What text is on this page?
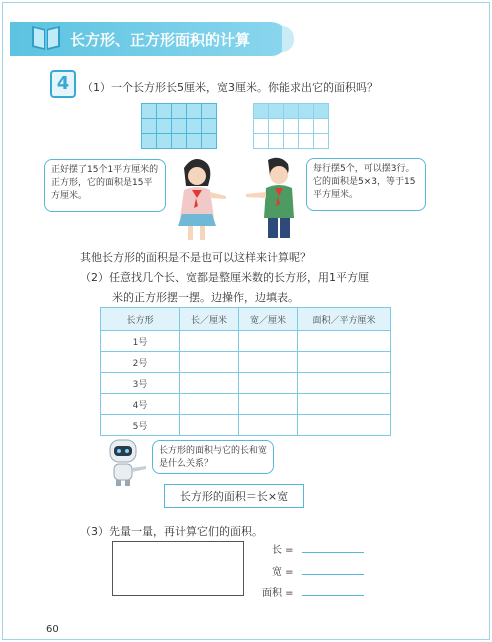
长方形、正方形面积的计算
4	（1）一个长方形长5厘米，宽3厘米。你能求出它的面积吗？

正好摆了15个1平方厘米的正方形，它的面积是15平方厘米。
每行摆5个，可以摆3行。它的面积是5×3，等于15平方厘米。
其他长方形的面积是不是也可以这样来计算呢？
（2）任意找几个长、宽都是整厘米数的长方形，用1平方厘
米的正方形摆一摆。边操作，边填表。
长方形	长／厘米	宽／厘米	面积／平方厘米
1号			
2号			
3号			
4号			
5号			
长方形的面积与它的长和宽是什么关系？
长方形的面积＝长×宽
（3）先量一量，再计算它们的面积。
长 =
宽 =
面积 =
60
